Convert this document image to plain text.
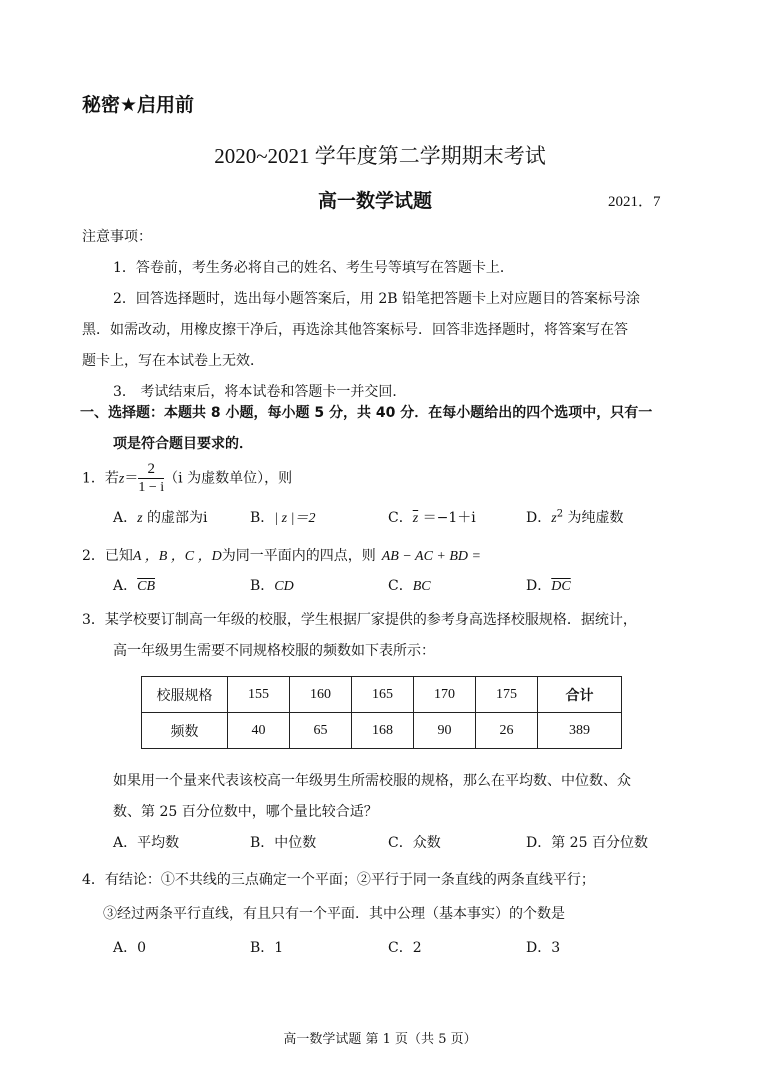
秘密★启用前
2020~2021 学年度第二学期期末考试
高一数学试题	2021．7
注意事项：
1．答卷前，考生务必将自己的姓名、考生号等填写在答题卡上．
2．回答选择题时，选出每小题答案后，用 2B 铅笔把答题卡上对应题目的答案标号涂
黑．如需改动，用橡皮擦干净后，再选涂其他答案标号．回答非选择题时，将答案写在答
题卡上，写在本试卷上无效．
3． 考试结束后，将本试卷和答题卡一并交回．
一、选择题：本题共 8 小题，每小题 5 分，共 40 分．在每小题给出的四个选项中，只有一
项是符合题目要求的．
1．若$z= \frac{2}{1 - i} (i$ 为虚数单位），则
A．z 的虚部为i	B．| z |＝2	C．$\overline{z} =-1+i$	D．$z^2$ 为纯虚数
2．已知A ，B ，C ，D为同一平面内的四点，则 AB − AC + BD =
A．$\overline{CB}$	B．CD	C．BC	D．$\overline{DC}$
3．某学校要订制高一年级的校服，学生根据厂家提供的参考身高选择校服规格．据统计，
高一年级男生需要不同规格校服的频数如下表所示：
校服规格	155	160	165	170	175	合计
频数	40	65	168	90	26	389
如果用一个量来代表该校高一年级男生所需校服的规格，那么在平均数、中位数、众
数、第 25 百分位数中，哪个量比较合适？
A．平均数	B．中位数	C．众数	D．第 25 百分位数
4．有结论：①不共线的三点确定一个平面；②平行于同一条直线的两条直线平行；
③经过两条平行直线，有且只有一个平面．其中公理（基本事实）的个数是
A．0	B．1	C．2	D．3
高一数学试题 第 1 页（共 5 页）
